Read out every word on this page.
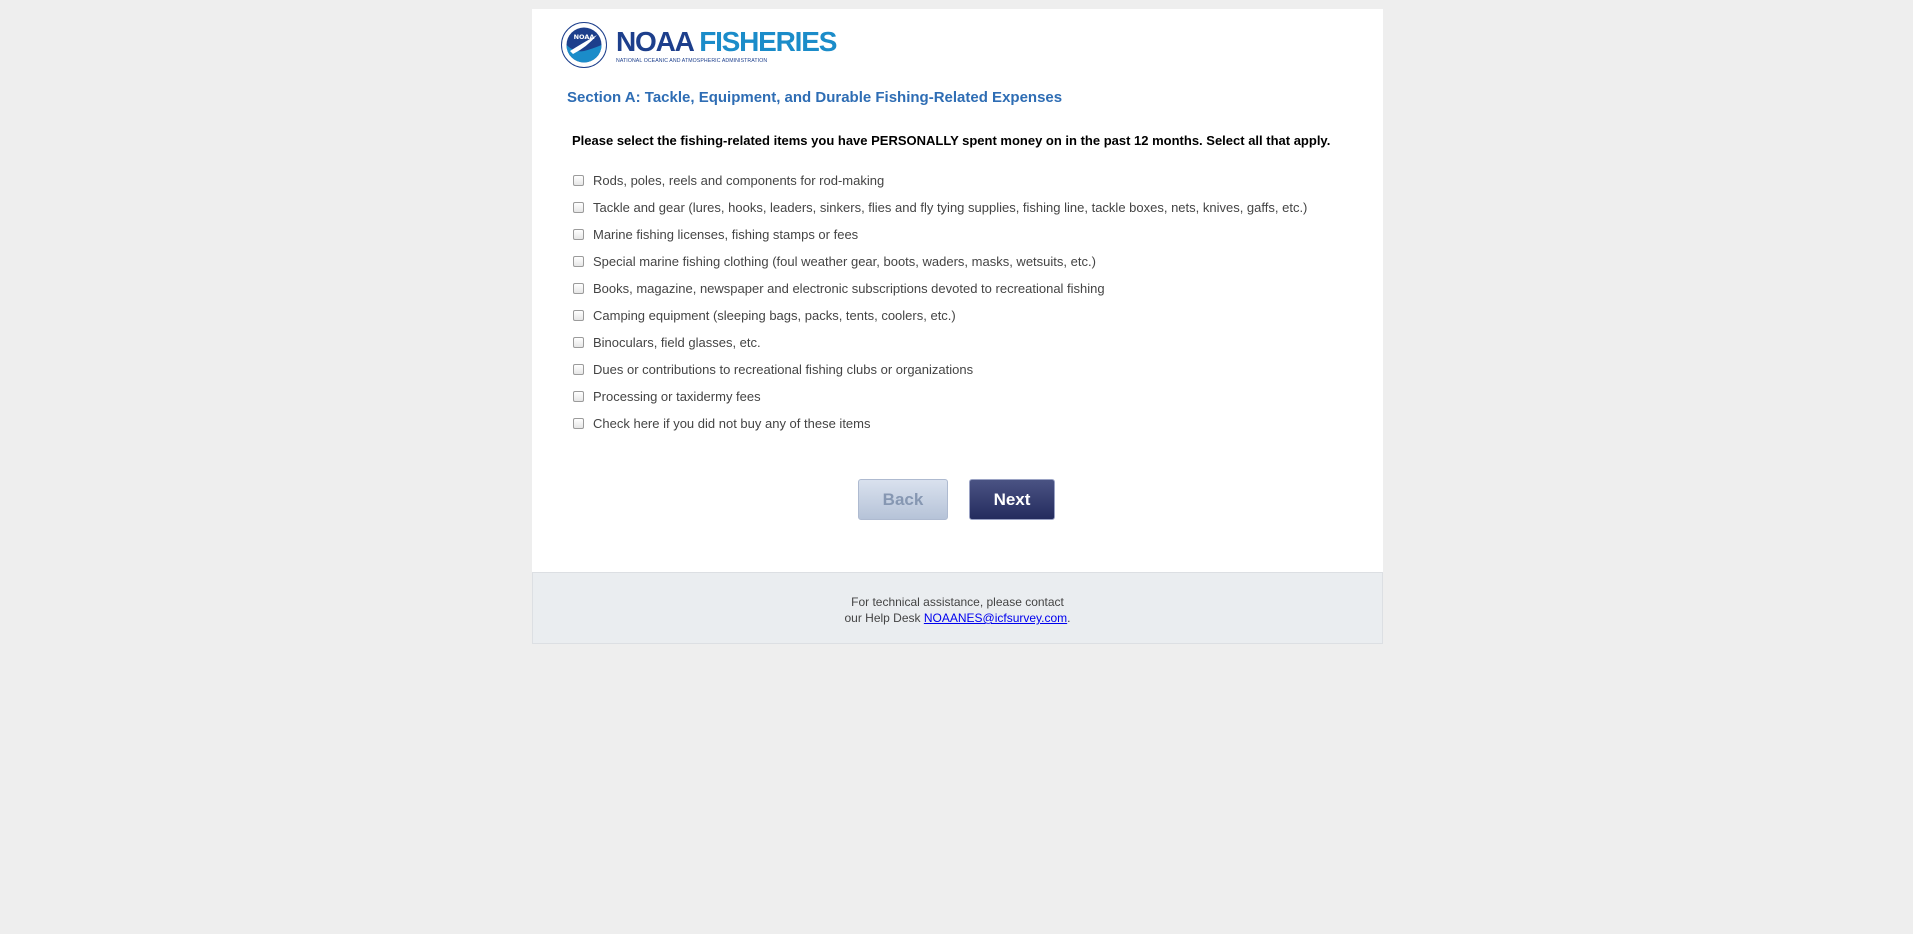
NOAA NOAA FISHERIES
NATIONAL OCEANIC AND ATMOSPHERIC ADMINISTRATION
Section A: Tackle, Equipment, and Durable Fishing-Related Expenses
Please select the fishing-related items you have PERSONALLY spent money on in the past 12 months. Select all that apply.
Rods, poles, reels and components for rod-making
Tackle and gear (lures, hooks, leaders, sinkers, flies and fly tying supplies, fishing line, tackle boxes, nets, knives, gaffs, etc.)
Marine fishing licenses, fishing stamps or fees
Special marine fishing clothing (foul weather gear, boots, waders, masks, wetsuits, etc.)
Books, magazine, newspaper and electronic subscriptions devoted to recreational fishing
Camping equipment (sleeping bags, packs, tents, coolers, etc.)
Binoculars, field glasses, etc.
Dues or contributions to recreational fishing clubs or organizations
Processing or taxidermy fees
Check here if you did not buy any of these items
Back	Next
For technical assistance, please contact
our Help Desk NOAANES@icfsurvey.com.
